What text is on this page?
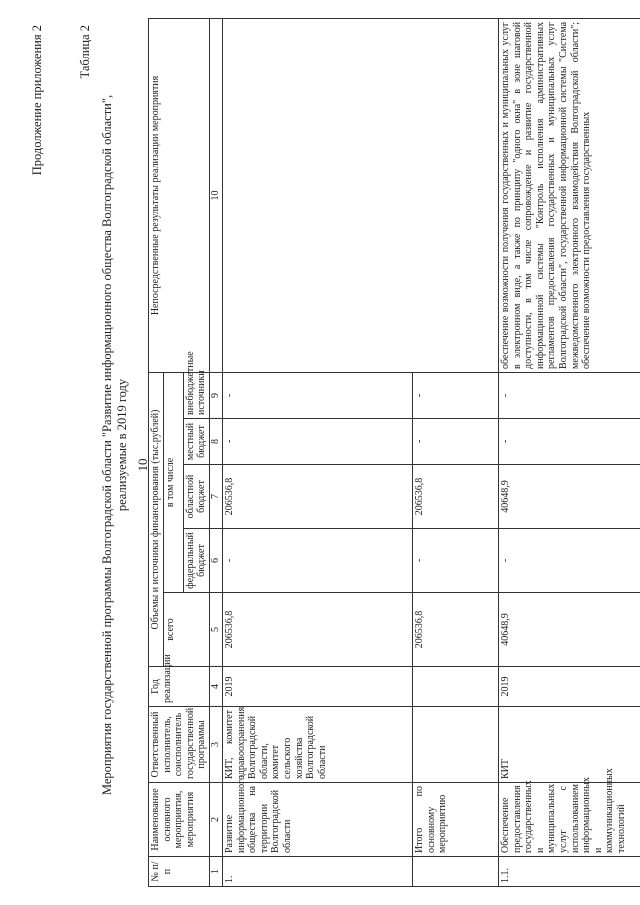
10
Продолжение приложения 2	Таблица 2
Мероприятия государственной программы Волгоградской области "Развитие информационного общества Волгоградской области", реализуемые в 2019 году
№ п/п	Наименование основного мероприятия, мероприятия	Ответственный исполнитель, соисполнитель государственной программы	Год реализации	Объемы и источники финансирования (тыс.рублей)					Непосредственные результаты реализации мероприятия
				всего	в том числе				
					федеральный бюджет	областной бюджет	местный бюджет	внебюджетные источники	
1	2	3	4	5	6	7	8	9	10
1.	Развитие информационного общества на территории Волгоградской области	КИТ, комитет здравоохранения Волгоградской области, комитет сельского хозяйства Волгоградской области	2019	206536,8	-	206536,8	-	-	
	Итого по основному мероприятию			206536,8	-	206536,8	-	-	
1.1.	Обеспечение предоставления государственных и муниципальных услуг с использованием информационных и коммуникационных технологий	КИТ	2019	40648,9	-	40648,9	-	-	обеспечение возможности получения государственных и муниципальных услуг в электронном виде, а также по принципу "одного окна" в зоне шаговой доступности, в том числе сопровождение и развитие государственной информационной системы "Контроль исполнения административных регламентов предоставления государственных и муниципальных услуг Волгоградской области", государственной информационной системы "Система межведомственного электронного взаимодействия Волгоградской области"; обеспечение возможности предоставления государственных
